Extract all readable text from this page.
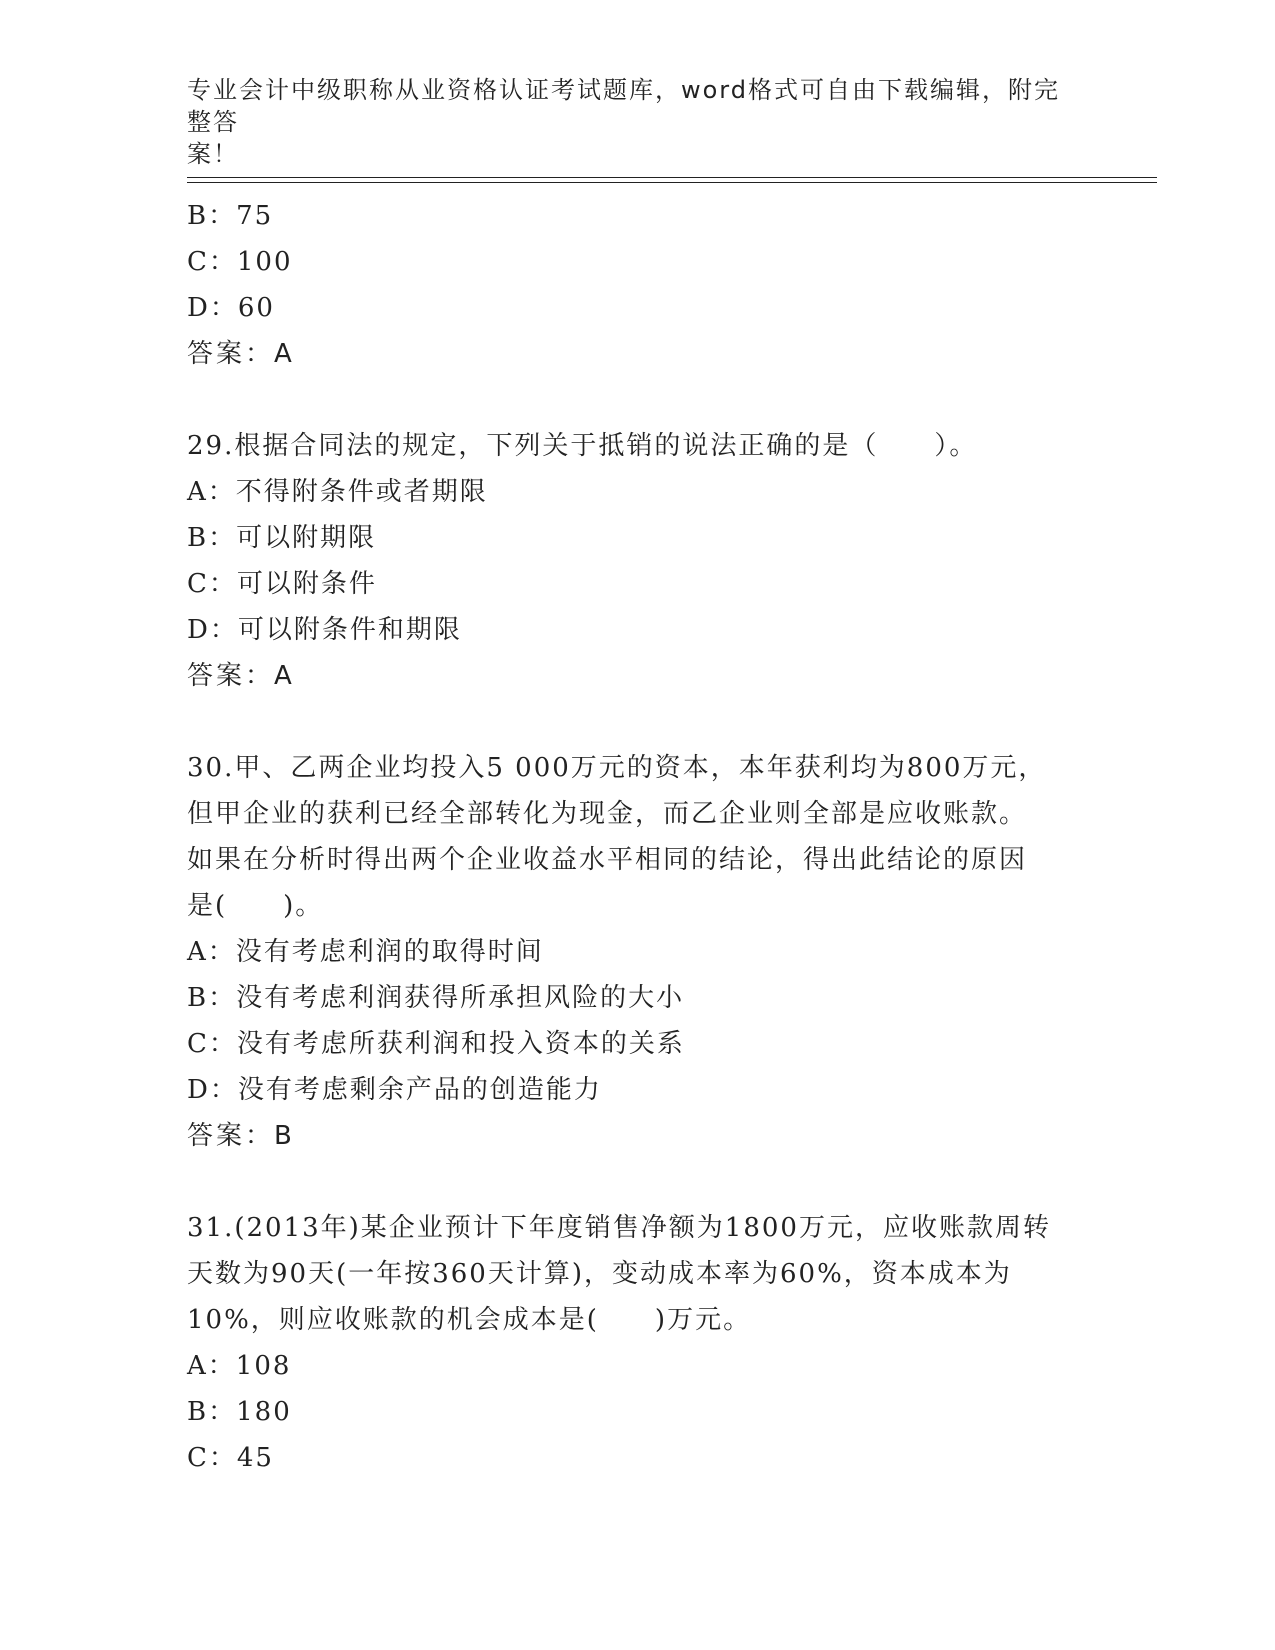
专业会计中级职称从业资格认证考试题库，word格式可自由下载编辑，附完整答
案！
B：75
C：100
D：60
答案：A
29.根据合同法的规定，下列关于抵销的说法正确的是（　　）。
A：不得附条件或者期限
B：可以附期限
C：可以附条件
D：可以附条件和期限
答案：A
30.甲、乙两企业均投入5 000万元的资本，本年获利均为800万元，
但甲企业的获利已经全部转化为现金，而乙企业则全部是应收账款。
如果在分析时得出两个企业收益水平相同的结论，得出此结论的原因
是(　　)。
A：没有考虑利润的取得时间
B：没有考虑利润获得所承担风险的大小
C：没有考虑所获利润和投入资本的关系
D：没有考虑剩余产品的创造能力
答案：B
31.(2013年)某企业预计下年度销售净额为1800万元，应收账款周转
天数为90天(一年按360天计算)，变动成本率为60%，资本成本为
10%，则应收账款的机会成本是(　　)万元。
A：108
B：180
C：45
